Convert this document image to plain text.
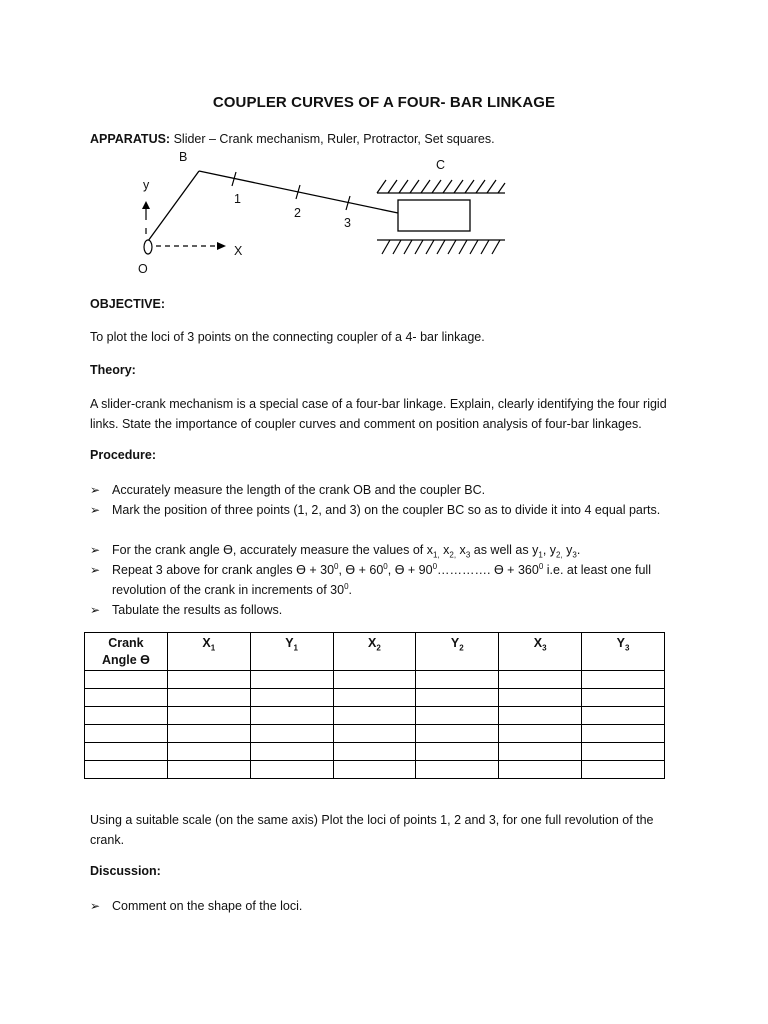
COUPLER CURVES OF A FOUR- BAR LINKAGE
APPARATUS: Slider – Crank mechanism, Ruler, Protractor, Set squares.
B
C
y
X
O
1
2
3
OBJECTIVE:
To plot the loci of 3 points on the connecting coupler of a 4- bar linkage.
Theory:
A slider-crank mechanism is a special case of a four-bar linkage. Explain, clearly identifying the four rigid links. State the importance of coupler curves and comment on position analysis of four-bar linkages.
Procedure:
➢ Accurately measure the length of the crank OB and the coupler BC.
➢ Mark the position of three points (1, 2, and 3) on the coupler BC so as to divide it into 4 equal parts.
➢ For the crank angle ϴ, accurately measure the values of $x_{1,}$ $x_{2,}$ $x_3$ as well as $y_1$, $y_{2,}$ $y_3$.
➢ Repeat 3 above for crank angles $ϴ + 30^0$, $ϴ + 60^0$, $ϴ + 90^0\dots\dots\dots\dots$. $ϴ + 360^0$ i.e. at least one full revolution of the crank in increments of $30^0$.
➢ Tabulate the results as follows.
Crank
Angle ϴ	$X_1$	$Y_1$	$X_2$	$Y_2$	$X_3$	$Y_3$

Using a suitable scale (on the same axis) Plot the loci of points 1, 2 and 3, for one full revolution of the crank.
Discussion:
➢ Comment on the shape of the loci.
